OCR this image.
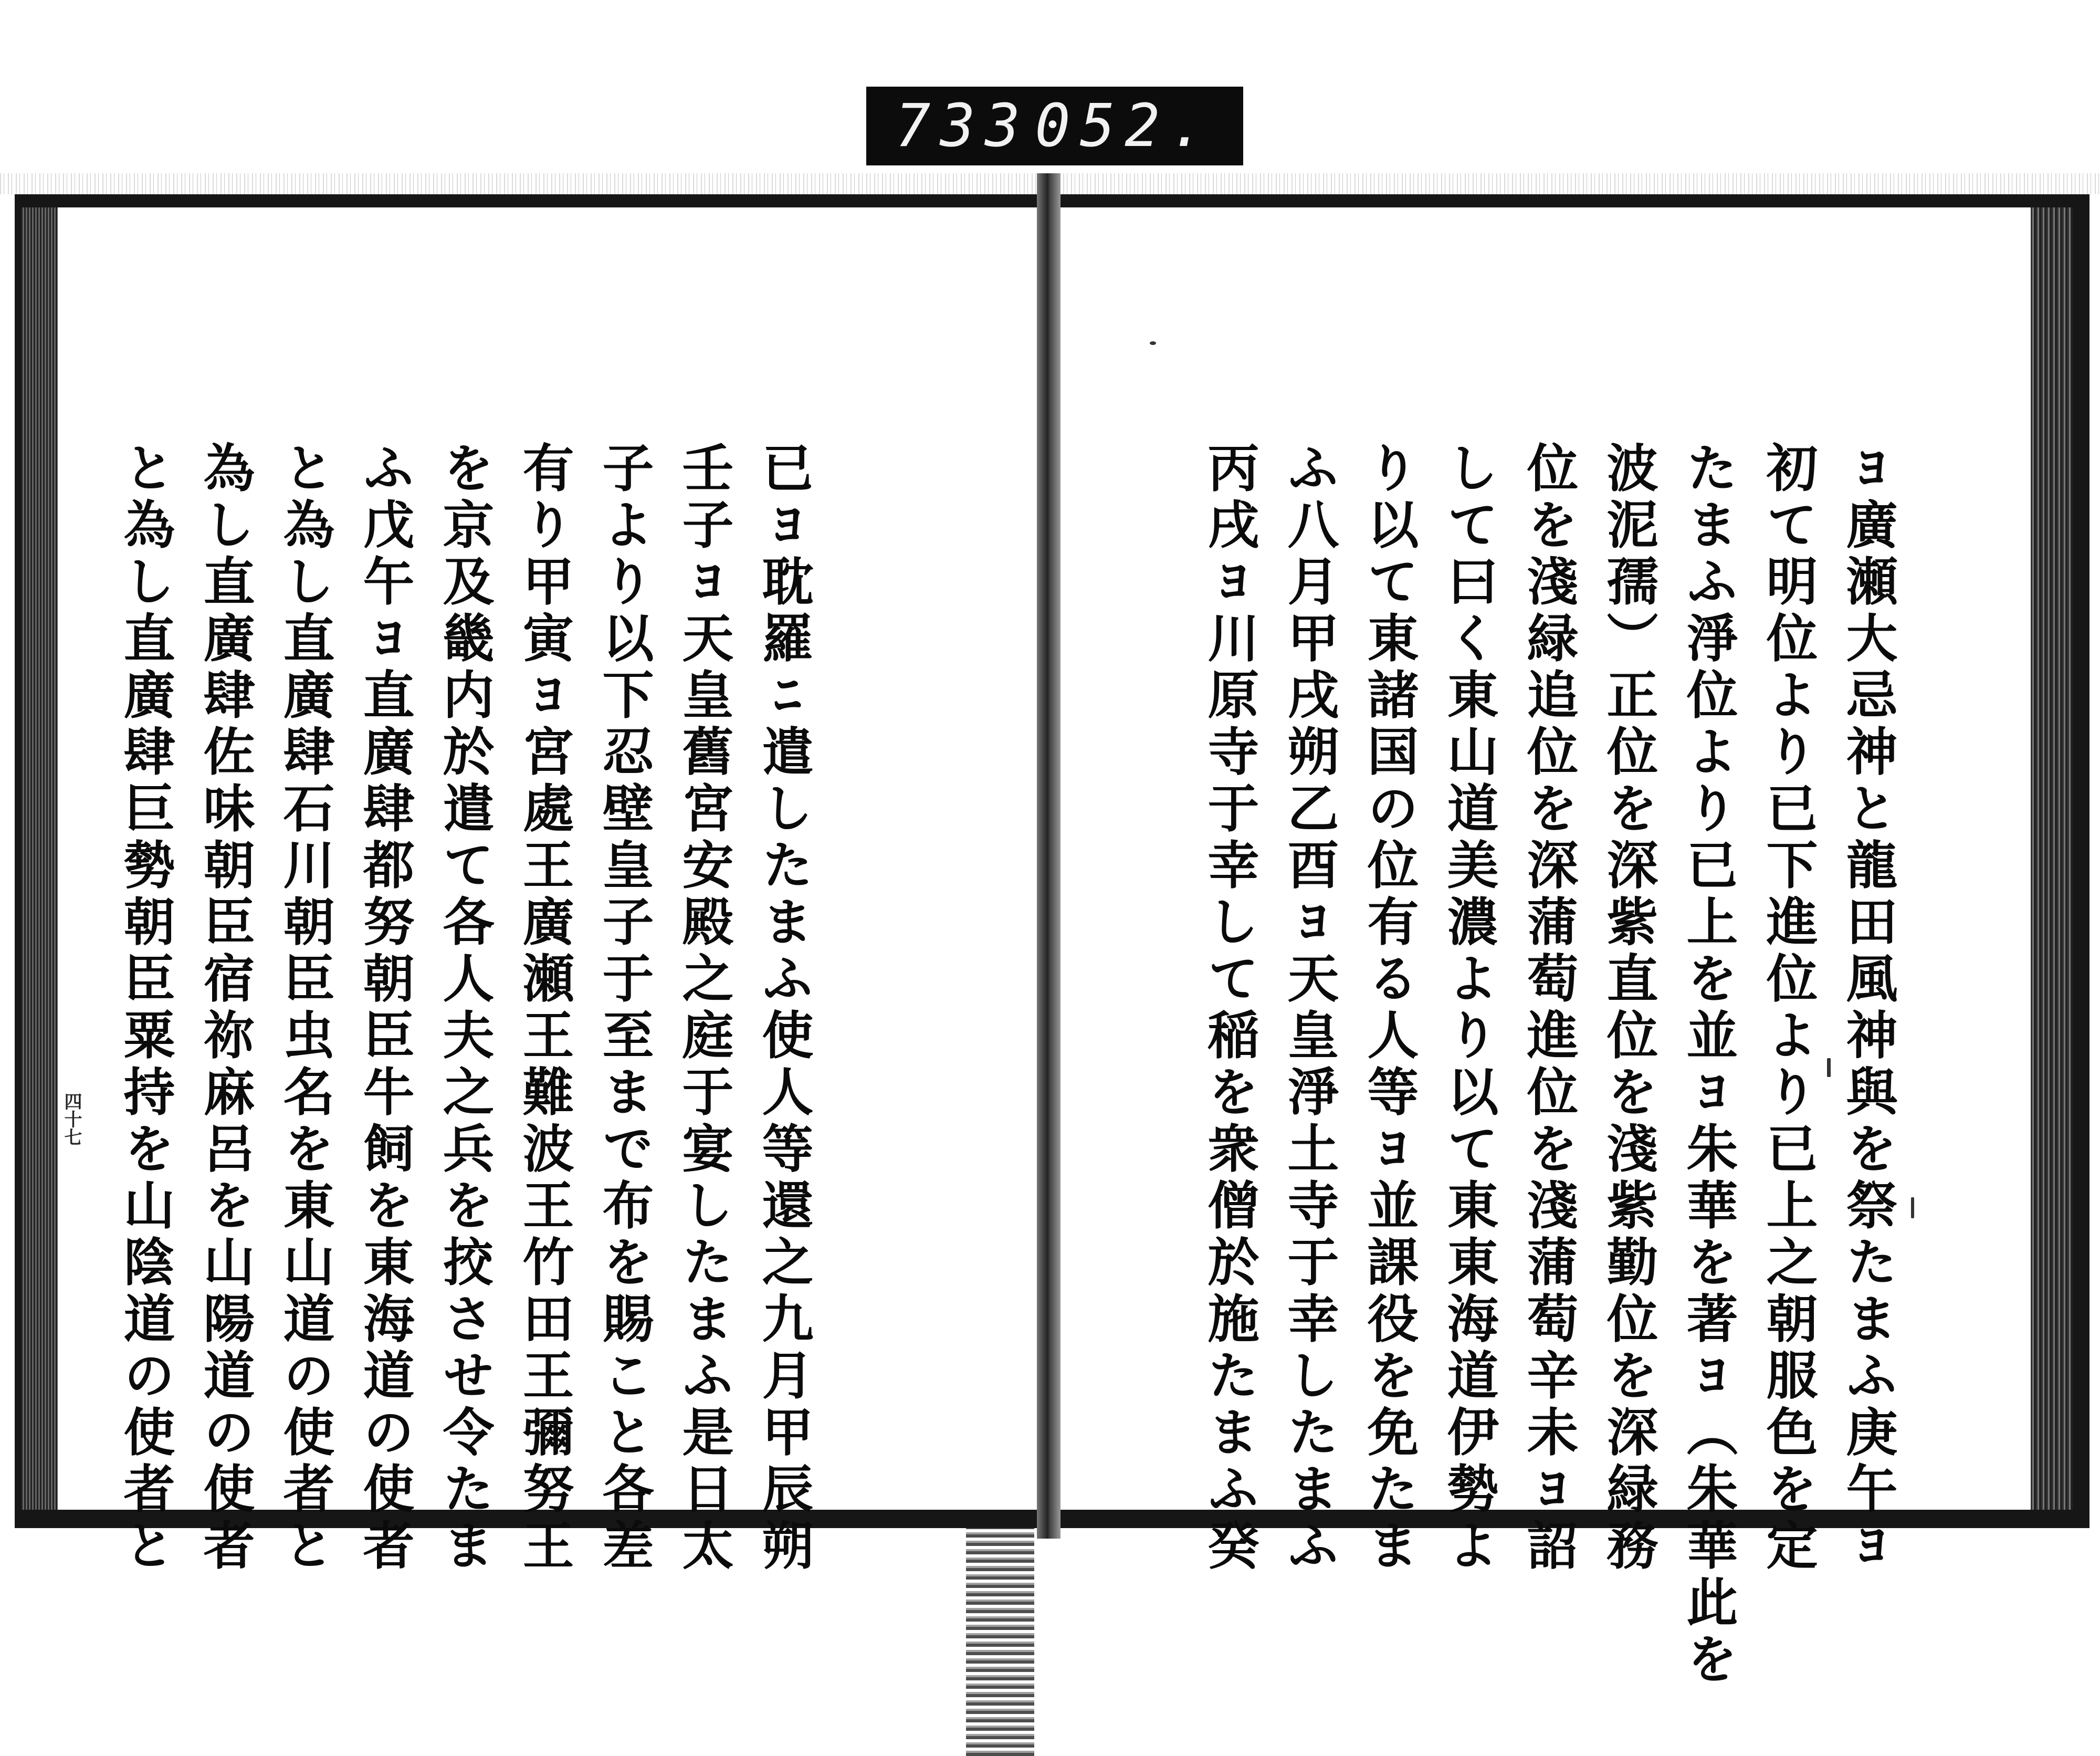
733 052.
ﾖ廣瀬大忌神と龍田風神與を祭たまふ庚午ﾖ
初て明位より已下進位より已上之朝服色を定
たまふ淨位より已上を並ﾖ朱華を著ﾖ（朱華此を
波泥孺）正位を深紫直位を淺紫勤位を深緑務
位を淺緑追位を深蒲萄進位を淺蒲萄辛未ﾖ詔
して曰く東山道美濃より以て東東海道伊勢よ
り以て東諸国の位有る人等ﾖ並課役を免たま
ふ八月甲戌朔乙酉ﾖ天皇淨土寺于幸したまふ
丙戌ﾖ川原寺于幸して稲を衆僧於施たまふ癸
已ﾖ耽羅ﾆ遣したまふ使人等還之九月甲辰朔
壬子ﾖ天皇舊宮安殿之庭于宴したまふ是日太
子より以下忍壁皇子于至まで布を賜こと各差
有り甲寅ﾖ宮處王廣瀬王難波王竹田王彌努王
を京及畿内於遣て各人夫之兵を挍させ令たま
ふ戊午ﾖ直廣肆都努朝臣牛飼を東海道の使者
と為し直廣肆石川朝臣虫名を東山道の使者と
為し直廣肆佐味朝臣宿祢麻呂を山陽道の使者
と為し直廣肆巨勢朝臣粟持を山陰道の使者と
四十七
